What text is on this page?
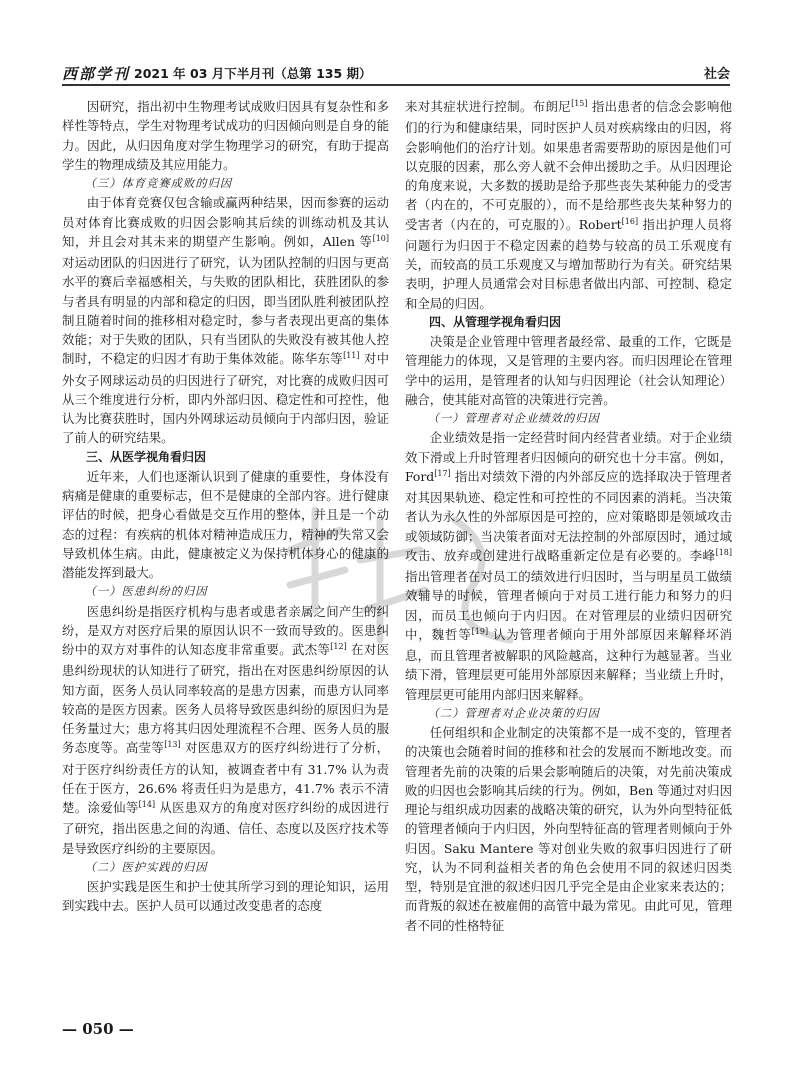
西部学刊 2021 年 03 月下半月刊（总第 135 期）	社会

因研究，指出初中生物理考试成败归因具有复杂性和多样性等特点，学生对物理考试成功的归因倾向则是自身的能力。因此，从归因角度对学生物理学习的研究，有助于提高学生的物理成绩及其应用能力。

（三）体育竞赛成败的归因

由于体育竞赛仅包含输或赢两种结果，因而参赛的运动员对体育比赛成败的归因会影响其后续的训练动机及其认知，并且会对其未来的期望产生影响。例如，Allen 等[10] 对运动团队的归因进行了研究，认为团队控制的归因与更高水平的赛后幸福感相关，与失败的团队相比，获胜团队的参与者具有明显的内部和稳定的归因，即当团队胜利被团队控制且随着时间的推移相对稳定时，参与者表现出更高的集体效能；对于失败的团队，只有当团队的失败没有被其他人控制时，不稳定的归因才有助于集体效能。陈华东等[11] 对中外女子网球运动员的归因进行了研究，对比赛的成败归因可从三个维度进行分析，即内外部归因、稳定性和可控性，他认为比赛获胜时，国内外网球运动员倾向于内部归因，验证了前人的研究结果。

三、从医学视角看归因

近年来，人们也逐渐认识到了健康的重要性，身体没有病痛是健康的重要标志，但不是健康的全部内容。进行健康评估的时候，把身心看做是交互作用的整体，并且是一个动态的过程：有疾病的机体对精神造成压力，精神的失常又会导致机体生病。由此，健康被定义为保持机体身心的健康的潜能发挥到最大。

（一）医患纠纷的归因

医患纠纷是指医疗机构与患者或患者亲属之间产生的纠纷，是双方对医疗后果的原因认识不一致而导致的。医患纠纷中的双方对事件的认知态度非常重要。武杰等[12] 在对医患纠纷现状的认知进行了研究，指出在对医患纠纷原因的认知方面，医务人员认同率较高的是患方因素，而患方认同率较高的是医方因素。医务人员将导致医患纠纷的原因归为是任务量过大；患方将其归因处理流程不合理、医务人员的服务态度等。高莹等[13] 对医患双方的医疗纠纷进行了分析，对于医疗纠纷责任方的认知，被调查者中有 31.7% 认为责任在于医方，26.6% 将责任归为是患方，41.7% 表示不清楚。涂爱仙等[14] 从医患双方的角度对医疗纠纷的成因进行了研究，指出医患之间的沟通、信任、态度以及医疗技术等是导致医疗纠纷的主要原因。

（二）医护实践的归因

医护实践是医生和护士使其所学习到的理论知识，运用到实践中去。医护人员可以通过改变患者的态度

来对其症状进行控制。布朗尼[15] 指出患者的信念会影响他们的行为和健康结果，同时医护人员对疾病缘由的归因，将会影响他们的治疗计划。如果患者需要帮助的原因是他们可以克服的因素，那么旁人就不会伸出援助之手。从归因理论的角度来说，大多数的援助是给予那些丧失某种能力的受害者（内在的，不可克服的），而不是给那些丧失某种努力的受害者（内在的，可克服的）。Robert[16] 指出护理人员将问题行为归因于不稳定因素的趋势与较高的员工乐观度有关，而较高的员工乐观度又与增加帮助行为有关。研究结果表明，护理人员通常会对目标患者做出内部、可控制、稳定和全局的归因。

四、从管理学视角看归因

决策是企业管理中管理者最经常、最重的工作，它既是管理能力的体现，又是管理的主要内容。而归因理论在管理学中的运用，是管理者的认知与归因理论（社会认知理论）融合，使其能对高管的决策进行完善。

（一）管理者对企业绩效的归因

企业绩效是指一定经营时间内经营者业绩。对于企业绩效下滑或上升时管理者归因倾向的研究也十分丰富。例如，Ford[17] 指出对绩效下滑的内外部反应的选择取决于管理者对其因果轨迹、稳定性和可控性的不同因素的消耗。当决策者认为永久性的外部原因是可控的，应对策略即是领域攻击或领域防御；当决策者面对无法控制的外部原因时，通过域攻击、放弃或创建进行战略重新定位是有必要的。李峰[18] 指出管理者在对员工的绩效进行归因时，当与明星员工做绩效辅导的时候，管理者倾向于对员工进行能力和努力的归因，而员工也倾向于内归因。在对管理层的业绩归因研究中，魏哲等[19] 认为管理者倾向于用外部原因来解释坏消息，而且管理者被解职的风险越高，这种行为越显著。当业绩下滑，管理层更可能用外部原因来解释；当业绩上升时，管理层更可能用内部归因来解释。

（二）管理者对企业决策的归因

任何组织和企业制定的决策都不是一成不变的，管理者的决策也会随着时间的推移和社会的发展而不断地改变。而管理者先前的决策的后果会影响随后的决策，对先前决策成败的归因也会影响其后续的行为。例如，Ben 等通过对归因理论与组织成功因素的战略决策的研究，认为外向型特征低的管理者倾向于内归因，外向型特征高的管理者则倾向于外归因。Saku Mantere 等对创业失败的叙事归因进行了研究，认为不同利益相关者的角色会使用不同的叙述归因类型，特别是宜泄的叙述归因几乎完全是由企业家来表达的；而背叛的叙述在被雇佣的高管中最为常见。由此可见，管理者不同的性格特征

— 050 —
